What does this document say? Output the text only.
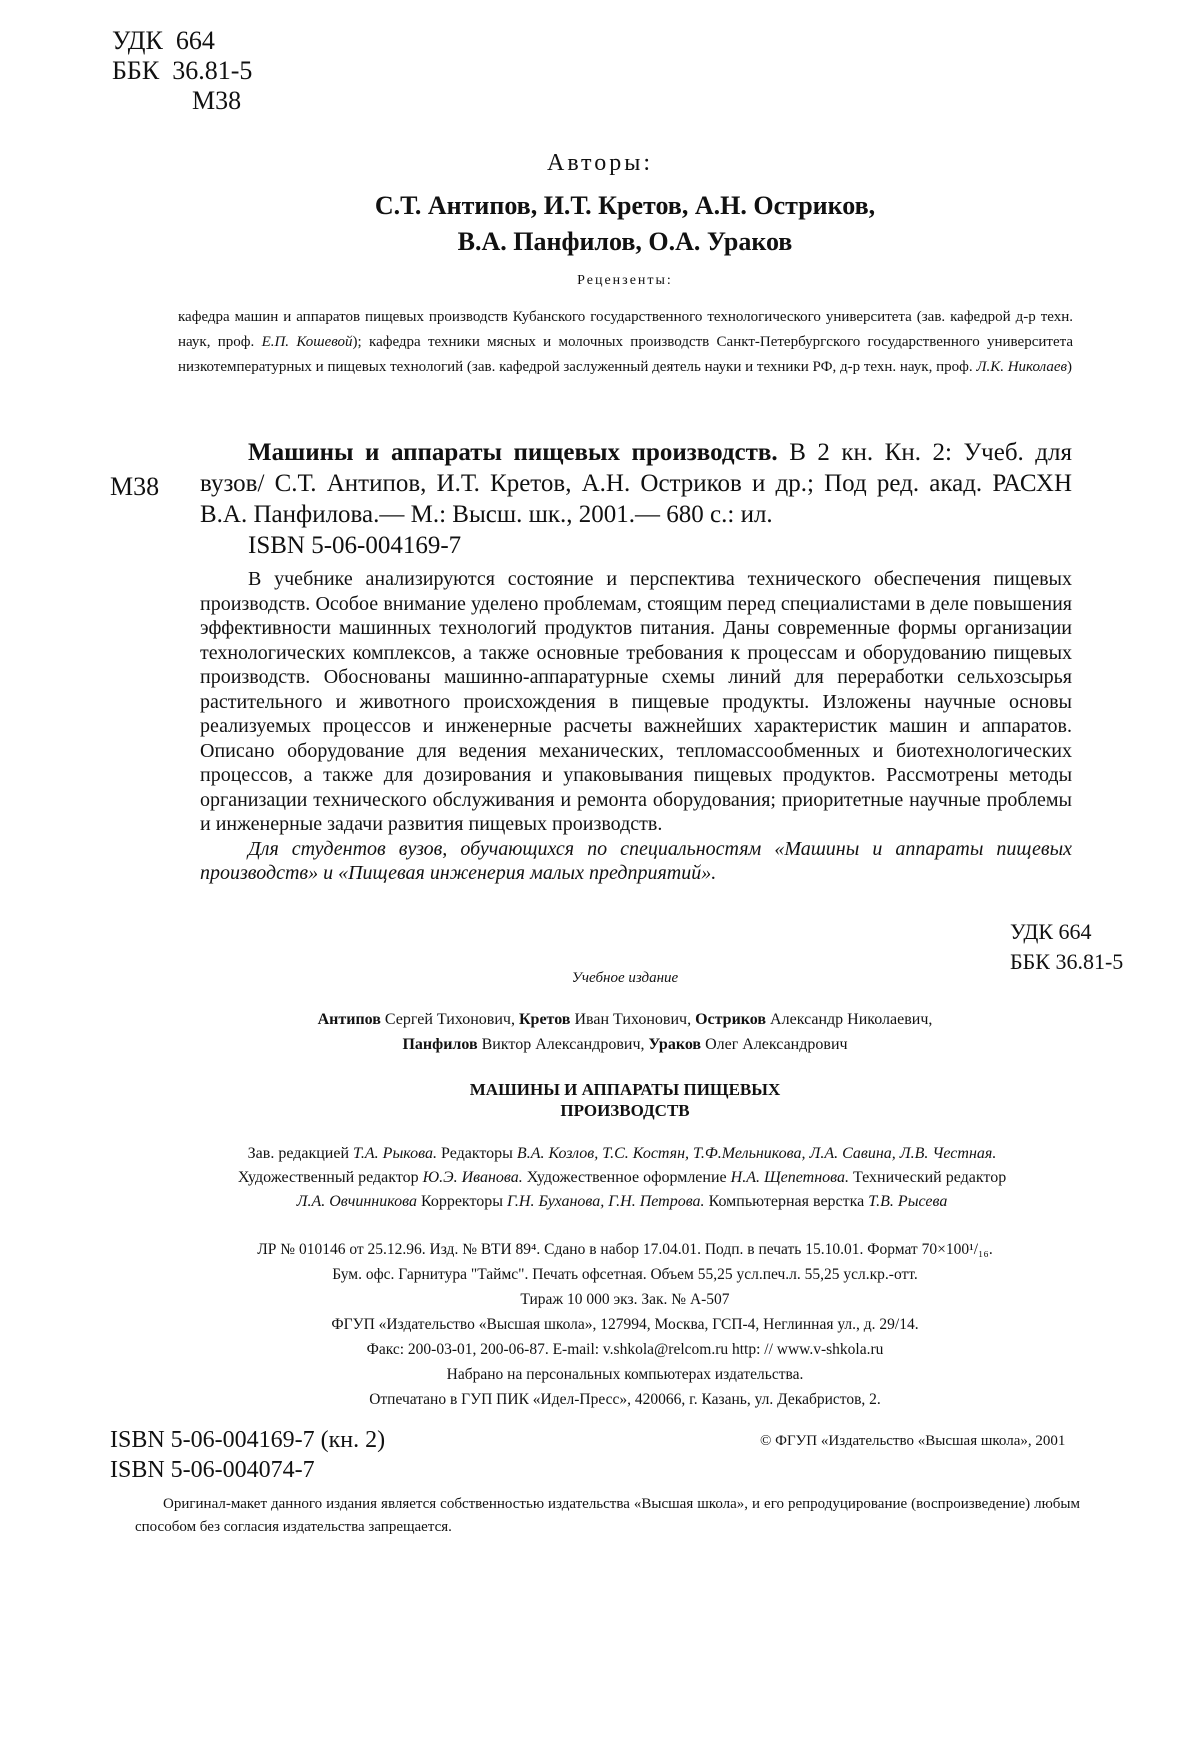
УДК  664
ББК  36.81-5
М38
Авторы:
С.Т. Антипов, И.Т. Кретов, А.Н. Остриков,
В.А. Панфилов, О.А. Ураков
Рецензенты:
кафедра машин и аппаратов пищевых производств Кубанского государственного технологического университета (зав. кафедрой д-р техн. наук, проф. Е.П. Кошевой); кафедра техники мясных и молочных производств Санкт-Петербургского государственного университета низкотемпературных и пищевых технологий (зав. кафедрой заслуженный деятель науки и техники РФ, д-р техн. наук, проф. Л.К. Николаев)
М38
Машины и аппараты пищевых производств. В 2 кн. Кн. 2: Учеб. для вузов/ С.Т. Антипов, И.Т. Кретов, А.Н. Остриков и др.; Под ред. акад. РАСХН В.А. Панфилова.— М.: Высш. шк., 2001.— 680 с.: ил.
ISBN 5-06-004169-7

В учебнике анализируются состояние и перспектива технического обеспечения пищевых производств. Особое внимание уделено проблемам, стоящим перед специалистами в деле повышения эффективности машинных технологий продуктов питания. Даны современные формы организации технологических комплексов, а также основные требования к процессам и оборудованию пищевых производств. Обоснованы машинно-аппаратурные схемы линий для переработки сельхозсырья растительного и животного происхождения в пищевые продукты. Изложены научные основы реализуемых процессов и инженерные расчеты важнейших характеристик машин и аппаратов. Описано оборудование для ведения механических, тепломассообменных и биотехнологических процессов, а также для дозирования и упаковывания пищевых продуктов. Рассмотрены методы организации технического обслуживания и ремонта оборудования; приоритетные научные проблемы и инженерные задачи развития пищевых производств.

Для студентов вузов, обучающихся по специальностям «Машины и аппараты пищевых производств» и «Пищевая инженерия малых предприятий».

УДК 664
ББК 36.81-5
Учебное издание
Антипов Сергей Тихонович, Кретов Иван Тихонович, Остриков Александр Николаевич,
Панфилов Виктор Александрович, Ураков Олег Александрович
МАШИНЫ И АППАРАТЫ ПИЩЕВЫХ
ПРОИЗВОДСТВ
Зав. редакцией Т.А. Рыкова. Редакторы В.А. Козлов, Т.С. Костян, Т.Ф.Мельникова, Л.А. Савина, Л.В. Честная.
Художественный редактор Ю.Э. Иванова. Художественное оформление Н.А. Щепетнова. Технический редактор
Л.А. Овчинникова Корректоры Г.Н. Буханова, Г.Н. Петрова. Компьютерная верстка Т.В. Рысева
ЛР № 010146 от 25.12.96. Изд. № ВТИ 89⁴. Сдано в набор 17.04.01. Подп. в печать 15.10.01. Формат 70×100¹/₁₆.
Бум. офс. Гарнитура "Таймс". Печать офсетная. Объем 55,25 усл.печ.л. 55,25 усл.кр.-отт.
Тираж 10 000 экз. Зак. № А-507
ФГУП «Издательство «Высшая школа», 127994, Москва, ГСП-4, Неглинная ул., д. 29/14.
Факс: 200-03-01, 200-06-87. E-mail: v.shkola@relcom.ru http: // www.v-shkola.ru
Набрано на персональных компьютерах издательства.
Отпечатано в ГУП ПИК «Идел-Пресс», 420066, г. Казань, ул. Декабристов, 2.
ISBN 5-06-004169-7 (кн. 2)
ISBN 5-06-004074-7
© ФГУП «Издательство «Высшая школа», 2001
Оригинал-макет данного издания является собственностью издательства «Высшая школа», и его репродуцирование (воспроизведение) любым способом без согласия издательства запрещается.
